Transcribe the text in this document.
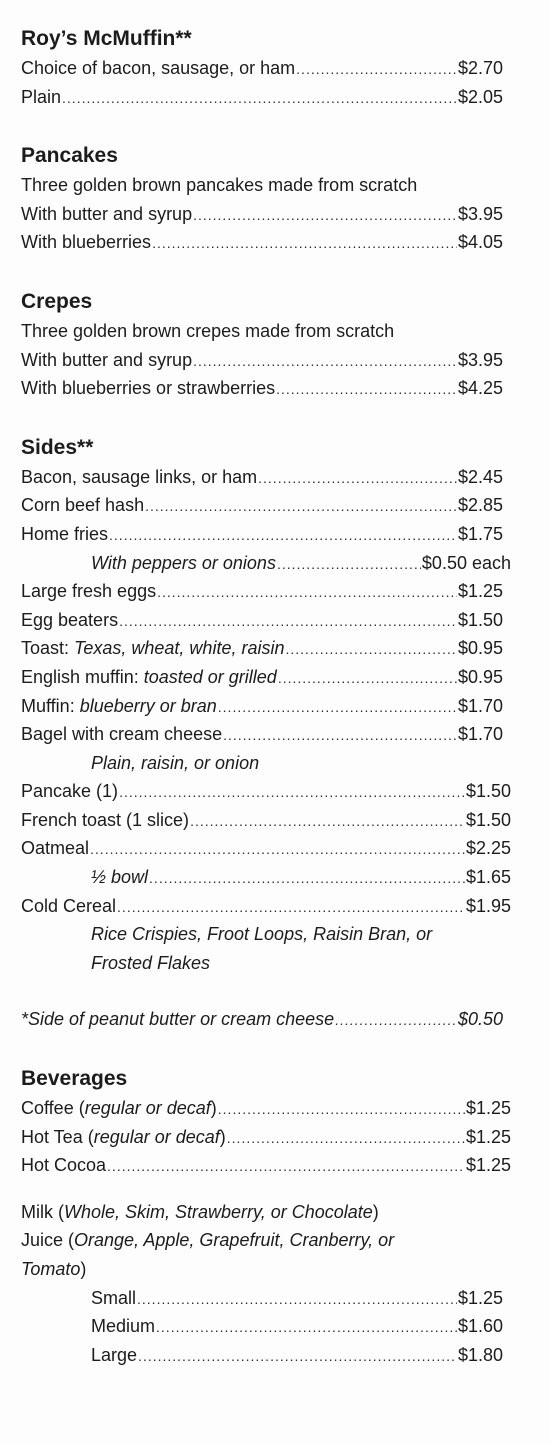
Roy’s McMuffin**
Choice of bacon, sausage, or ham .....	$2.70
Plain .....	$2.05
Pancakes
Three golden brown pancakes made from scratch
With butter and syrup .....	$3.95
With blueberries .....	$4.05
Crepes
Three golden brown crepes made from scratch
With butter and syrup .....	$3.95
With blueberries or strawberries .....	$4.25
Sides**
Bacon, sausage links, or ham .....	$2.45
Corn beef hash .....	$2.85
Home fries .....	$1.75
With peppers or onions .....	$0.50 each
Large fresh eggs .....	$1.25
Egg beaters .....	$1.50
Toast: Texas, wheat, white, raisin .....	$0.95
English muffin: toasted or grilled .....	$0.95
Muffin: blueberry or bran .....	$1.70
Bagel with cream cheese .....	$1.70
Plain, raisin, or onion
Pancake (1) .....	$1.50
French toast (1 slice) .....	$1.50
Oatmeal .....	$2.25
½ bowl .....	$1.65
Cold Cereal .....	$1.95
Rice Crispies, Froot Loops, Raisin Bran, or Frosted Flakes
*Side of peanut butter or cream cheese .....	$0.50
Beverages
Coffee (regular or decaf) .....	$1.25
Hot Tea (regular or decaf) .....	$1.25
Hot Cocoa .....	$1.25
Milk (Whole, Skim, Strawberry, or Chocolate)
Juice (Orange, Apple, Grapefruit, Cranberry, or
Tomato)
Small .....	$1.25
Medium .....	$1.60
Large .....	$1.80
